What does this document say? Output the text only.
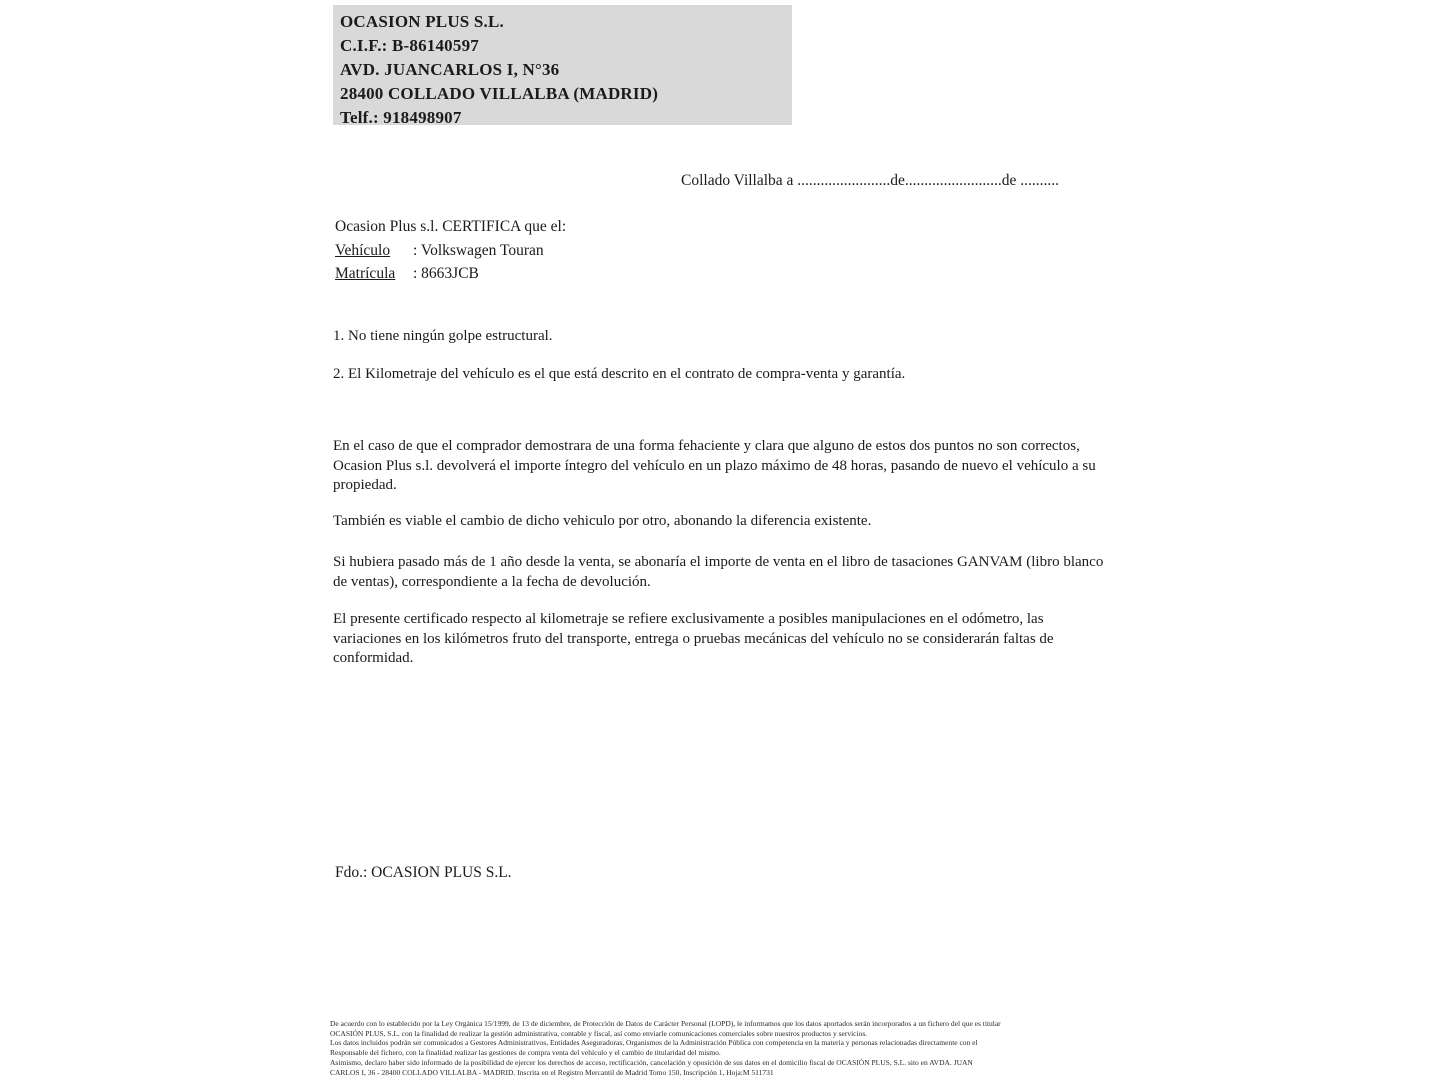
OCASION PLUS S.L.
C.I.F.: B-86140597
AVD. JUANCARLOS I, N°36
28400 COLLADO VILLALBA (MADRID)
Telf.: 918498907
Collado Villalba a ........................de.........................de ..........
Ocasion Plus s.l. CERTIFICA que el:
Vehículo : Volkswagen Touran
Matrícula : 8663JCB
1. No tiene ningún golpe estructural.
2. El Kilometraje del vehículo es el que está descrito en el contrato de compra-venta y garantía.
En el caso de que el comprador demostrara de una forma fehaciente y clara que alguno de estos dos puntos no son correctos, Ocasion Plus s.l. devolverá el importe íntegro del vehículo en un plazo máximo de 48 horas, pasando de nuevo el vehículo a su propiedad.
También es viable el cambio de dicho vehiculo por otro, abonando la diferencia existente.
Si hubiera pasado más de 1 año desde la venta, se abonaría el importe de venta en el libro de tasaciones GANVAM (libro blanco de ventas), correspondiente a la fecha de devolución.
El presente certificado respecto al kilometraje se refiere exclusivamente a posibles manipulaciones en el odómetro, las variaciones en los kilómetros fruto del transporte, entrega o pruebas mecánicas del vehículo no se considerarán faltas de conformidad.
Fdo.: OCASION PLUS S.L.
De acuerdo con lo establecido por la Ley Orgánica 15/1999, de 13 de diciembre, de Protección de Datos de Carácter Personal (LOPD), le informamos que los datos aportados serán incorporados a un fichero del que es titular
OCASIÓN PLUS, S.L. con la finalidad de realizar la gestión administrativa, contable y fiscal, así como enviarle comunicaciones comerciales sobre nuestros productos y servicios.
Los datos incluidos podrán ser comunicados a Gestores Administrativos, Entidades Aseguradoras, Organismos de la Administración Pública con competencia en la materia y personas relacionadas directamente con el
Responsable del fichero, con la finalidad realizar las gestiones de compra venta del vehículo y el cambio de titularidad del mismo.
Asimismo, declaro haber sido informado de la posibilidad de ejercer los derechos de acceso, rectificación, cancelación y oposición de sus datos en el domicilio fiscal de OCASIÓN PLUS, S.L. sito en AVDA. JUAN
CARLOS I, 36 - 28400 COLLADO VILLALBA - MADRID. Inscrita en el Registro Mercantil de Madrid Tomo 150, Inscripción 1, Hoja:M 511731
